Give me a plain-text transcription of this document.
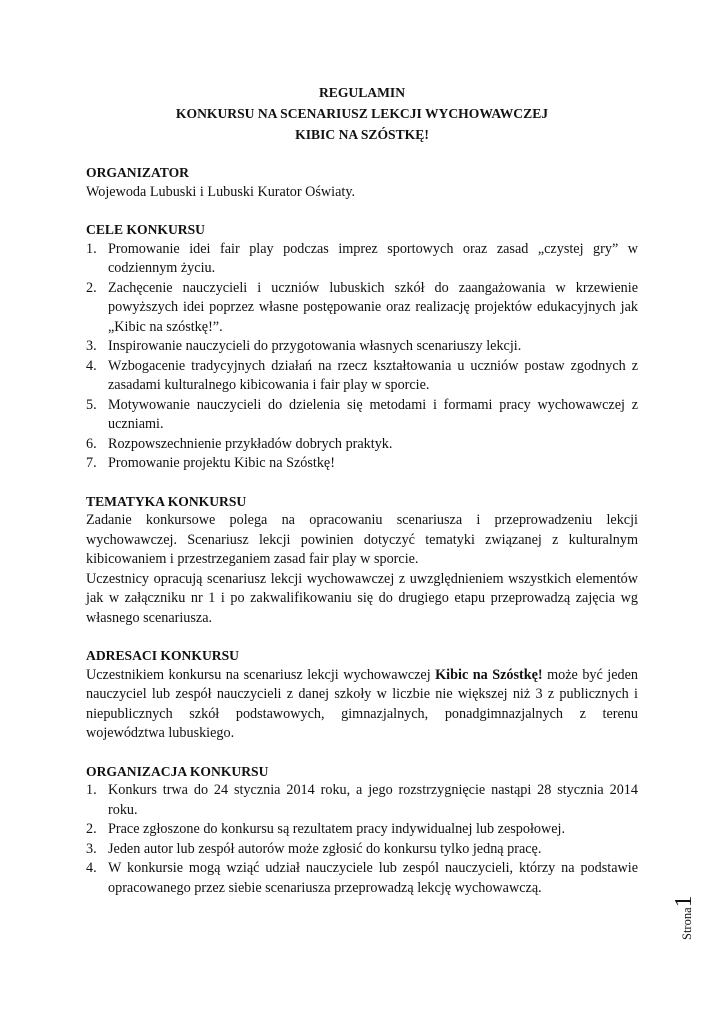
REGULAMIN
KONKURSU NA SCENARIUSZ LEKCJI WYCHOWAWCZEJ
KIBIC NA SZÓSTKĘ!
ORGANIZATOR

Wojewoda Lubuski i Lubuski Kurator Oświaty.

CELE KONKURSU
1. Promowanie idei fair play podczas imprez sportowych oraz zasad „czystej gry” w codziennym życiu.
2. Zachęcenie nauczycieli i uczniów lubuskich szkół do zaangażowania w krzewienie powyższych idei poprzez własne postępowanie oraz realizację projektów edukacyjnych jak „Kibic na szóstkę!”.
3. Inspirowanie nauczycieli do przygotowania własnych scenariuszy lekcji.
4. Wzbogacenie tradycyjnych działań na rzecz kształtowania u uczniów postaw zgodnych z zasadami kulturalnego kibicowania i fair play w sporcie.
5. Motywowanie nauczycieli do dzielenia się metodami i formami pracy wychowawczej z uczniami.
6. Rozpowszechnienie przykładów dobrych praktyk.
7. Promowanie projektu Kibic na Szóstkę!
TEMATYKA KONKURSU

Zadanie konkursowe polega na opracowaniu scenariusza i przeprowadzeniu lekcji wychowawczej. Scenariusz lekcji powinien dotyczyć tematyki związanej z kulturalnym kibicowaniem i przestrzeganiem zasad fair play w sporcie.

Uczestnicy opracują scenariusz lekcji wychowawczej z uwzględnieniem wszystkich elementów jak w załączniku nr 1 i po zakwalifikowaniu się do drugiego etapu przeprowadzą zajęcia wg własnego scenariusza.

ADRESACI KONKURSU

Uczestnikiem konkursu na scenariusz lekcji wychowawczej Kibic na Szóstkę! może być jeden nauczyciel lub zespół nauczycieli z danej szkoły w liczbie nie większej niż 3 z publicznych i niepublicznych szkół podstawowych, gimnazjalnych, ponadgimnazjalnych z terenu województwa lubuskiego.

ORGANIZACJA KONKURSU
1. Konkurs trwa do 24 stycznia 2014 roku, a jego rozstrzygnięcie nastąpi 28 stycznia 2014 roku.
2. Prace zgłoszone do konkursu są rezultatem pracy indywidualnej lub zespołowej.
3. Jeden autor lub zespół autorów może zgłosić do konkursu tylko jedną pracę.
4. W konkursie mogą wziąć udział nauczyciele lub zespól nauczycieli, którzy na podstawie opracowanego przez siebie scenariusza przeprowadzą lekcję wychowawczą.
Strona1
